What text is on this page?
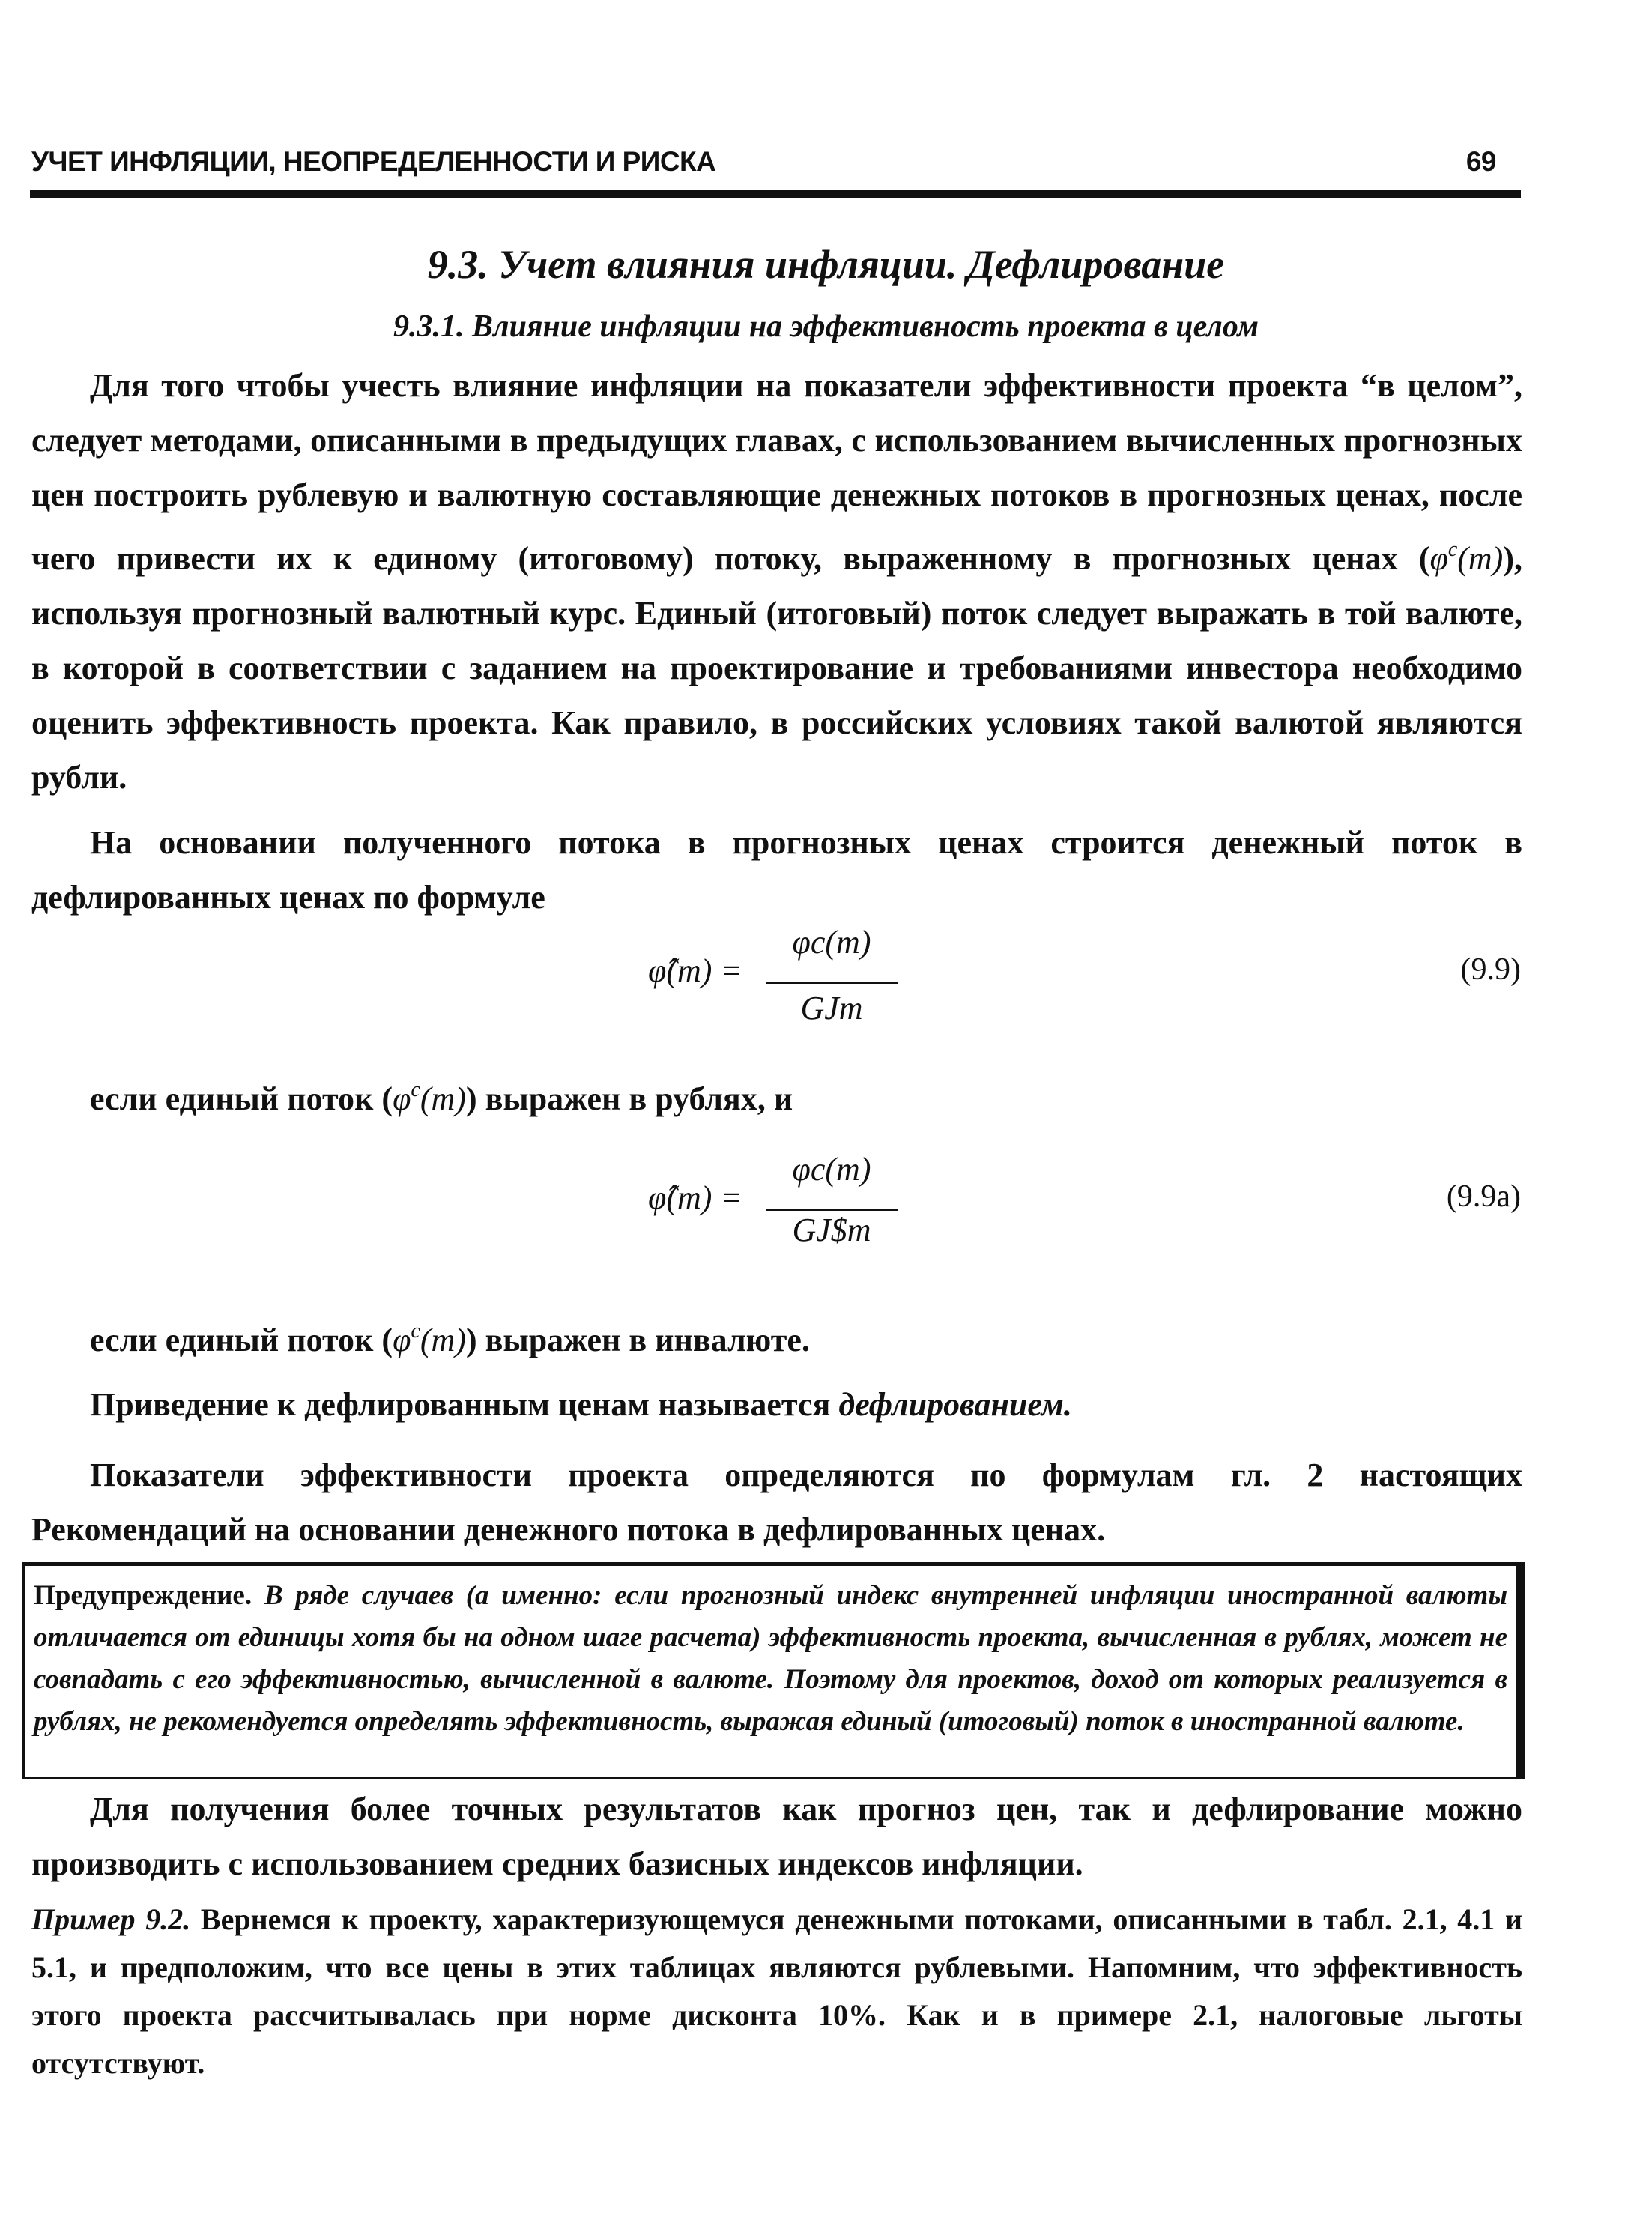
УЧЕТ ИНФЛЯЦИИ, НЕОПРЕДЕЛЕННОСТИ И РИСКА	69
9.3. Учет влияния инфляции. Дефлирование
9.3.1. Влияние инфляции на эффективность проекта в целом
Для того чтобы учесть влияние инфляции на показатели эффективности проекта “в целом”, следует методами, описанными в предыдущих главах, с использованием вычисленных прогнозных цен построить рублевую и валютную составляющие денежных потоков в прогнозных ценах, после чего привести их к единому (итоговому) потоку, выраженному в прогнозных ценах $(\varphi^c(m))$, используя прогнозный валютный курс. Единый (итоговый) поток следует выражать в той валюте, в которой в соответствии с заданием на проектирование и требованиями инвестора необходимо оценить эффективность проекта. Как правило, в российских условиях такой валютой являются рубли.
На основании полученного потока в прогнозных ценах строится денежный поток в дефлированных ценах по формуле
φ̂(m) =
φc(m)
GJm
(9.9)
если единый поток $(\varphi^c(m))$ выражен в рублях, и
φ̂(m) =
φc(m)
GJ$m
(9.9а)
если единый поток $(\varphi^c(m))$ выражен в инвалюте.
Приведение к дефлированным ценам называется дефлированием.
Показатели эффективности проекта определяются по формулам гл. 2 настоящих Рекомендаций на основании денежного потока в дефлированных ценах.
Предупреждение. В ряде случаев (а именно: если прогнозный индекс внутренней инфляции иностранной валюты отличается от единицы хотя бы на одном шаге расчета) эффективность проекта, вычисленная в рублях, может не совпадать с его эффективностью, вычисленной в валюте. Поэтому для проектов, доход от которых реализуется в рублях, не рекомендуется определять эффективность, выражая единый (итоговый) поток в иностранной валюте.
Для получения более точных результатов как прогноз цен, так и дефлирование можно производить с использованием средних базисных индексов инфляции.
Пример 9.2. Вернемся к проекту, характеризующемуся денежными потоками, описанными в табл. 2.1, 4.1 и 5.1, и предположим, что все цены в этих таблицах являются рублевыми. Напомним, что эффективность этого проекта рассчитывалась при норме дисконта 10%. Как и в примере 2.1, налоговые льготы отсутствуют.
